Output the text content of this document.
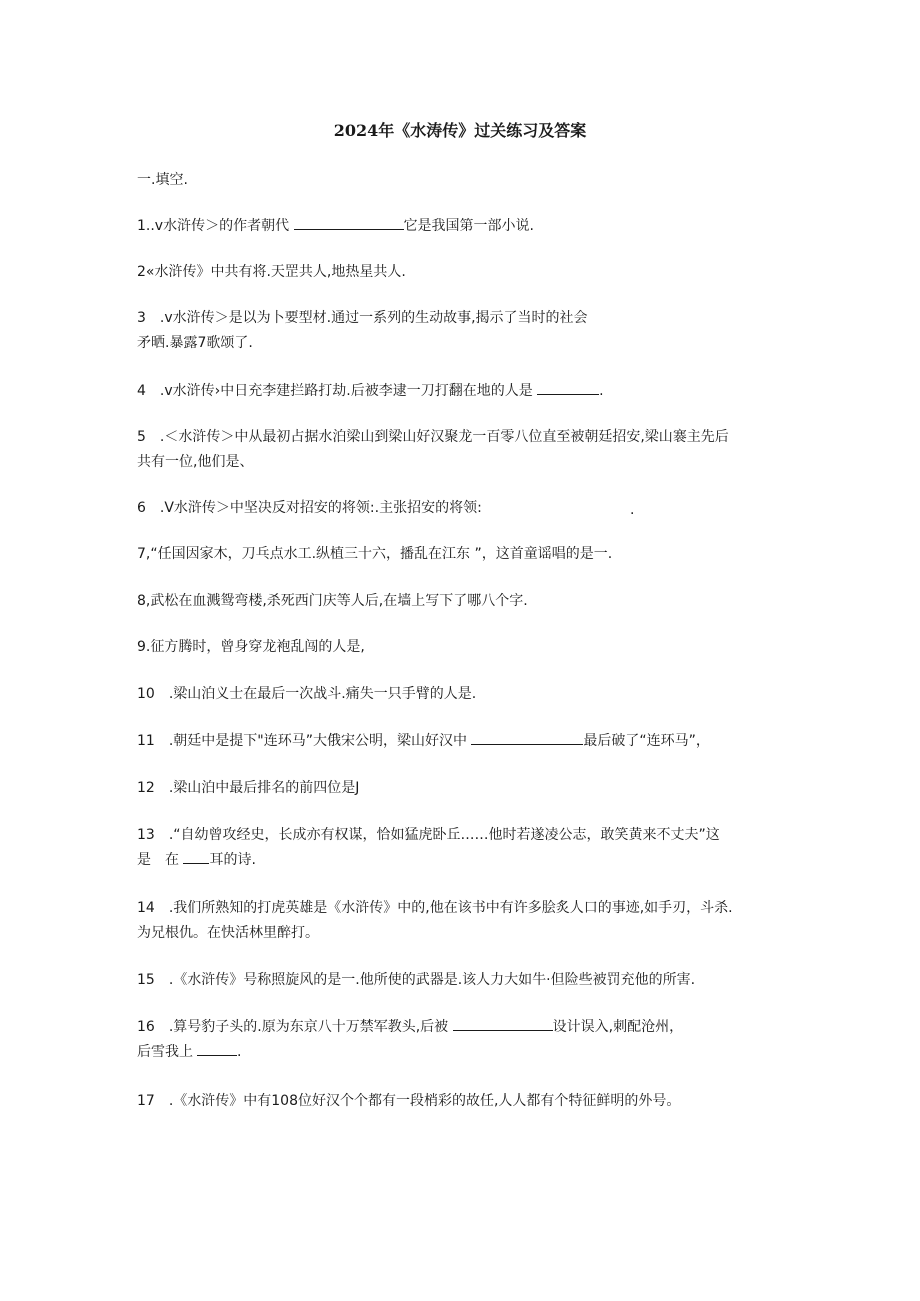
2024年《水涛传》过关练习及答案
一.填空.
1..v水浒传＞的作者朝代	它是我国第一部小说.
2«水浒传》中共有将.天罡共人,地热星共人.
3　.v水浒传＞是以为卜要型材.通过一系列的生动故事,揭示了当时的社会
矛晒.暴露7歌颂了.
4　.v水浒传›中日充李建拦路打劫.后被李逮一刀打翻在地的人是	.
5　.＜水浒传＞中从最初占据水泊梁山到梁山好汉聚龙一百零八位直至被朝廷招安,梁山褰主先后
共有一位,他们是、
6　.V水浒传＞中坚决反对招安的将领:.主张招安的将领:	.
7,“任国因家木，刀乓点水工.纵植三十六，播乱在江东 ”，这首童谣唱的是一.
8,武松在血溅鸳弯楼,杀死西门庆等人后,在墙上写下了哪八个字.
9.征方腾时，曾身穿龙袍乱闯的人是,
10　.梁山泊义士在最后一次战斗.痛失一只手臂的人是.
11　.朝廷中是提下"连环马”大俄宋公明，梁山好汉中	最后破了“连环马”，
12　.梁山泊中最后排名的前四位是J
13　.“自幼曾攻经史，长成亦有权谋，恰如猛虎卧丘……他时若遂凌公志，敢笑黄来不丈夫”这
是　在 耳的诗.
14　.我们所熟知的打虎英雄是《水浒传》中的,他在该书中有许多脍炙人口的事迹,如手刃，斗杀.
为兄根仇。在快活林里醉打。
15　.《水浒传》号称照旋风的是一.他所使的武器是.该人力大如牛·但险些被罚充他的所害.
16　.算号豹子头的.原为东京八十万禁军教头,后被	设计误入,刺配沧州，
后雪我上	.
17　.《水浒传》中有108位好汉个个都有一段梢彩的故任,人人都有个特征鲜明的外号。
